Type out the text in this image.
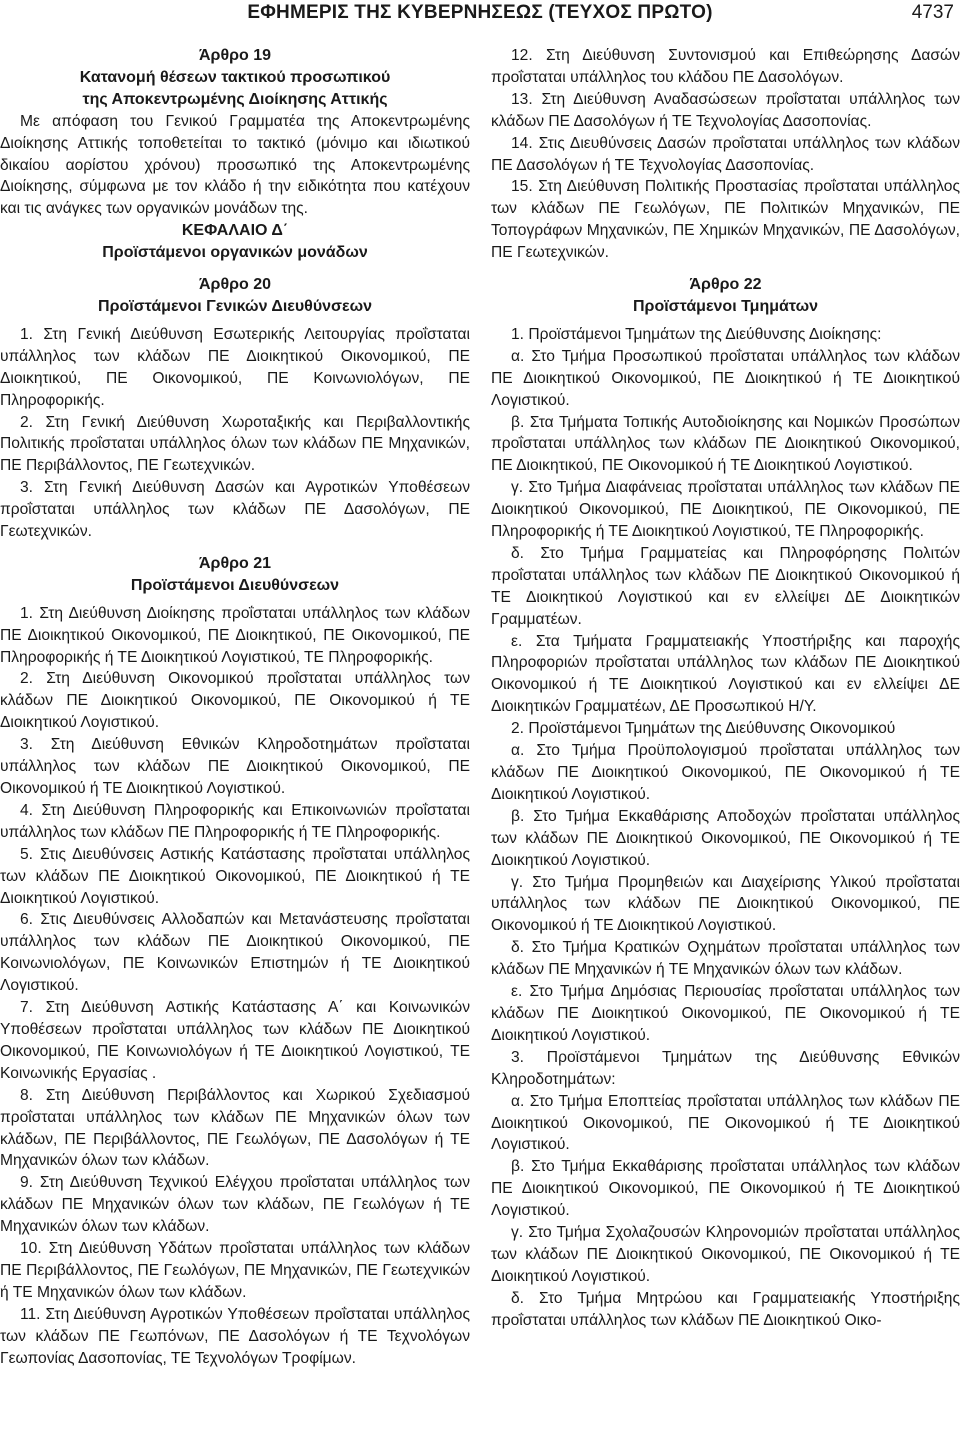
ΕΦΗΜΕΡΙΣ ΤΗΣ ΚΥΒΕΡΝΗΣΕΩΣ (ΤΕΥΧΟΣ ΠΡΩΤΟ)	4737

Άρθρο 19

Κατανομή θέσεων τακτικού προσωπικού

της Αποκεντρωμένης Διοίκησης Αττικής

Με απόφαση του Γενικού Γραμματέα της Αποκεντρωμένης Διοίκησης Αττικής τοποθετείται το τακτικό (μόνιμο και ιδιωτικού δικαίου αορίστου χρόνου) προσωπικό της Αποκεντρωμένης Διοίκησης, σύμφωνα με τον κλάδο ή την ειδικότητα που κατέχουν και τις ανάγκες των οργανικών μονάδων της.

ΚΕΦΑΛΑΙΟ Δ΄

Προϊστάμενοι οργανικών μονάδων

Άρθρο 20

Προϊστάμενοι Γενικών Διευθύνσεων

1. Στη Γενική Διεύθυνση Εσωτερικής Λειτουργίας προΐσταται υπάλληλος των κλάδων ΠΕ Διοικητικού Οικονομικού, ΠΕ Διοικητικού, ΠΕ Οικονομικού, ΠΕ Κοινωνιολόγων, ΠΕ Πληροφορικής.

2. Στη Γενική Διεύθυνση Χωροταξικής και Περιβαλλοντικής Πολιτικής προΐσταται υπάλληλος όλων των κλάδων ΠΕ Μηχανικών, ΠΕ Περιβάλλοντος, ΠΕ Γεωτεχνικών.

3. Στη Γενική Διεύθυνση Δασών και Αγροτικών Υποθέσεων προΐσταται υπάλληλος των κλάδων ΠΕ Δασολόγων, ΠΕ Γεωτεχνικών.

Άρθρο 21

Προϊστάμενοι Διευθύνσεων

1. Στη Διεύθυνση Διοίκησης προΐσταται υπάλληλος των κλάδων ΠΕ Διοικητικού Οικονομικού, ΠΕ Διοικητικού, ΠΕ Οικονομικού, ΠΕ Πληροφορικής ή ΤΕ Διοικητικού Λογιστικού, ΤΕ Πληροφορικής.

2. Στη Διεύθυνση Οικονομικού προΐσταται υπάλληλος των κλάδων ΠΕ Διοικητικού Οικονομικού, ΠΕ Οικονομικού ή ΤΕ Διοικητικού Λογιστικού.

3. Στη Διεύθυνση Εθνικών Κληροδοτημάτων προΐσταται υπάλληλος των κλάδων ΠΕ Διοικητικού Οικονομικού, ΠΕ Οικονομικού ή ΤΕ Διοικητικού Λογιστικού.

4. Στη Διεύθυνση Πληροφορικής και Επικοινωνιών προΐσταται υπάλληλος των κλάδων ΠΕ Πληροφορικής ή ΤΕ Πληροφορικής.

5. Στις Διευθύνσεις Αστικής Κατάστασης προΐσταται υπάλληλος των κλάδων ΠΕ Διοικητικού Οικονομικού, ΠΕ Διοικητικού ή ΤΕ Διοικητικού Λογιστικού.

6. Στις Διευθύνσεις Αλλοδαπών και Μετανάστευσης προΐσταται υπάλληλος των κλάδων ΠΕ Διοικητικού Οικονομικού, ΠΕ Κοινωνιολόγων, ΠΕ Κοινωνικών Επιστημών ή ΤΕ Διοικητικού Λογιστικού.

7. Στη Διεύθυνση Αστικής Κατάστασης Α΄ και Κοινωνικών Υποθέσεων προΐσταται υπάλληλος των κλάδων ΠΕ Διοικητικού Οικονομικού, ΠΕ Κοινωνιολόγων ή ΤΕ Διοικητικού Λογιστικού, ΤΕ Κοινωνικής Εργασίας .

8. Στη Διεύθυνση Περιβάλλοντος και Χωρικού Σχεδιασμού προΐσταται υπάλληλος των κλάδων ΠΕ Μηχανικών όλων των κλάδων, ΠΕ Περιβάλλοντος, ΠΕ Γεωλόγων, ΠΕ Δασολόγων ή ΤΕ Μηχανικών όλων των κλάδων.

9. Στη Διεύθυνση Τεχνικού Ελέγχου προΐσταται υπάλληλος των κλάδων ΠΕ Μηχανικών όλων των κλάδων, ΠΕ Γεωλόγων ή ΤΕ Μηχανικών όλων των κλάδων.

10. Στη Διεύθυνση Υδάτων προΐσταται υπάλληλος των κλάδων ΠΕ Περιβάλλοντος, ΠΕ Γεωλόγων, ΠΕ Μηχανικών, ΠΕ Γεωτεχνικών ή ΤΕ Μηχανικών όλων των κλάδων.

11. Στη Διεύθυνση Αγροτικών Υποθέσεων προΐσταται υπάλληλος των κλάδων ΠΕ Γεωπόνων, ΠΕ Δασολόγων ή ΤΕ Τεχνολόγων Γεωπονίας Δασοπονίας, ΤΕ Τεχνολόγων Τροφίμων.

12. Στη Διεύθυνση Συντονισμού και Επιθεώρησης Δασών προΐσταται υπάλληλος του κλάδου ΠΕ Δασολόγων.

13. Στη Διεύθυνση Αναδασώσεων προΐσταται υπάλληλος των κλάδων ΠΕ Δασολόγων ή ΤΕ Τεχνολογίας Δασοπονίας.

14. Στις Διευθύνσεις Δασών προΐσταται υπάλληλος των κλάδων ΠΕ Δασολόγων ή ΤΕ Τεχνολογίας Δασοπονίας.

15. Στη Διεύθυνση Πολιτικής Προστασίας προΐσταται υπάλληλος των κλάδων ΠΕ Γεωλόγων, ΠΕ Πολιτικών Μηχανικών, ΠΕ Τοπογράφων Μηχανικών, ΠΕ Χημικών Μηχανικών, ΠΕ Δασολόγων, ΠΕ Γεωτεχνικών.

Άρθρο 22

Προϊστάμενοι Τμημάτων

1. Προϊστάμενοι Τμημάτων της Διεύθυνσης Διοίκησης:

α. Στο Τμήμα Προσωπικού προΐσταται υπάλληλος των κλάδων ΠΕ Διοικητικού Οικονομικού, ΠΕ Διοικητικού ή ΤΕ Διοικητικού Λογιστικού.

β. Στα Τμήματα Τοπικής Αυτοδιοίκησης και Νομικών Προσώπων προΐσταται υπάλληλος των κλάδων ΠΕ Διοικητικού Οικονομικού, ΠΕ Διοικητικού, ΠΕ Οικονομικού ή ΤΕ Διοικητικού Λογιστικού.

γ. Στο Τμήμα Διαφάνειας προΐσταται υπάλληλος των κλάδων ΠΕ Διοικητικού Οικονομικού, ΠΕ Διοικητικού, ΠΕ Οικονομικού, ΠΕ Πληροφορικής ή ΤΕ Διοικητικού Λογιστικού, ΤΕ Πληροφορικής.

δ. Στο Τμήμα Γραμματείας και Πληροφόρησης Πολιτών προΐσταται υπάλληλος των κλάδων ΠΕ Διοικητικού Οικονομικού ή ΤΕ Διοικητικού Λογιστικού και εν ελλείψει ΔΕ Διοικητικών Γραμματέων.

ε. Στα Τμήματα Γραμματειακής Υποστήριξης και παροχής Πληροφοριών προΐσταται υπάλληλος των κλάδων ΠΕ Διοικητικού Οικονομικού ή ΤΕ Διοικητικού Λογιστικού και εν ελλείψει ΔΕ Διοικητικών Γραμματέων, ΔΕ Προσωπικού Η/Υ.

2. Προϊστάμενοι Τμημάτων της Διεύθυνσης Οικονομικού

α. Στο Τμήμα Προϋπολογισμού προΐσταται υπάλληλος των κλάδων ΠΕ Διοικητικού Οικονομικού, ΠΕ Οικονομικού ή ΤΕ Διοικητικού Λογιστικού.

β. Στο Τμήμα Εκκαθάρισης Αποδοχών προΐσταται υπάλληλος των κλάδων ΠΕ Διοικητικού Οικονομικού, ΠΕ Οικονομικού ή ΤΕ Διοικητικού Λογιστικού.

γ. Στο Τμήμα Προμηθειών και Διαχείρισης Υλικού προΐσταται υπάλληλος των κλάδων ΠΕ Διοικητικού Οικονομικού, ΠΕ Οικονομικού ή ΤΕ Διοικητικού Λογιστικού.

δ. Στο Τμήμα Κρατικών Οχημάτων προΐσταται υπάλληλος των κλάδων ΠΕ Μηχανικών ή ΤΕ Μηχανικών όλων των κλάδων.

ε. Στο Τμήμα Δημόσιας Περιουσίας προΐσταται υπάλληλος των κλάδων ΠΕ Διοικητικού Οικονομικού, ΠΕ Οικονομικού ή ΤΕ Διοικητικού Λογιστικού.

3. Προϊστάμενοι Τμημάτων της Διεύθυνσης Εθνικών Κληροδοτημάτων:

α. Στο Τμήμα Εποπτείας προΐσταται υπάλληλος των κλάδων ΠΕ Διοικητικού Οικονομικού, ΠΕ Οικονομικού ή ΤΕ Διοικητικού Λογιστικού.

β. Στο Τμήμα Εκκαθάρισης προΐσταται υπάλληλος των κλάδων ΠΕ Διοικητικού Οικονομικού, ΠΕ Οικονομικού ή ΤΕ Διοικητικού Λογιστικού.

γ. Στο Τμήμα Σχολαζουσών Κληρονομιών προΐσταται υπάλληλος των κλάδων ΠΕ Διοικητικού Οικονομικού, ΠΕ Οικονομικού ή ΤΕ Διοικητικού Λογιστικού.

δ. Στο Τμήμα Μητρώου και Γραμματειακής Υποστήριξης προΐσταται υπάλληλος των κλάδων ΠΕ Διοικητικού Οικο-
